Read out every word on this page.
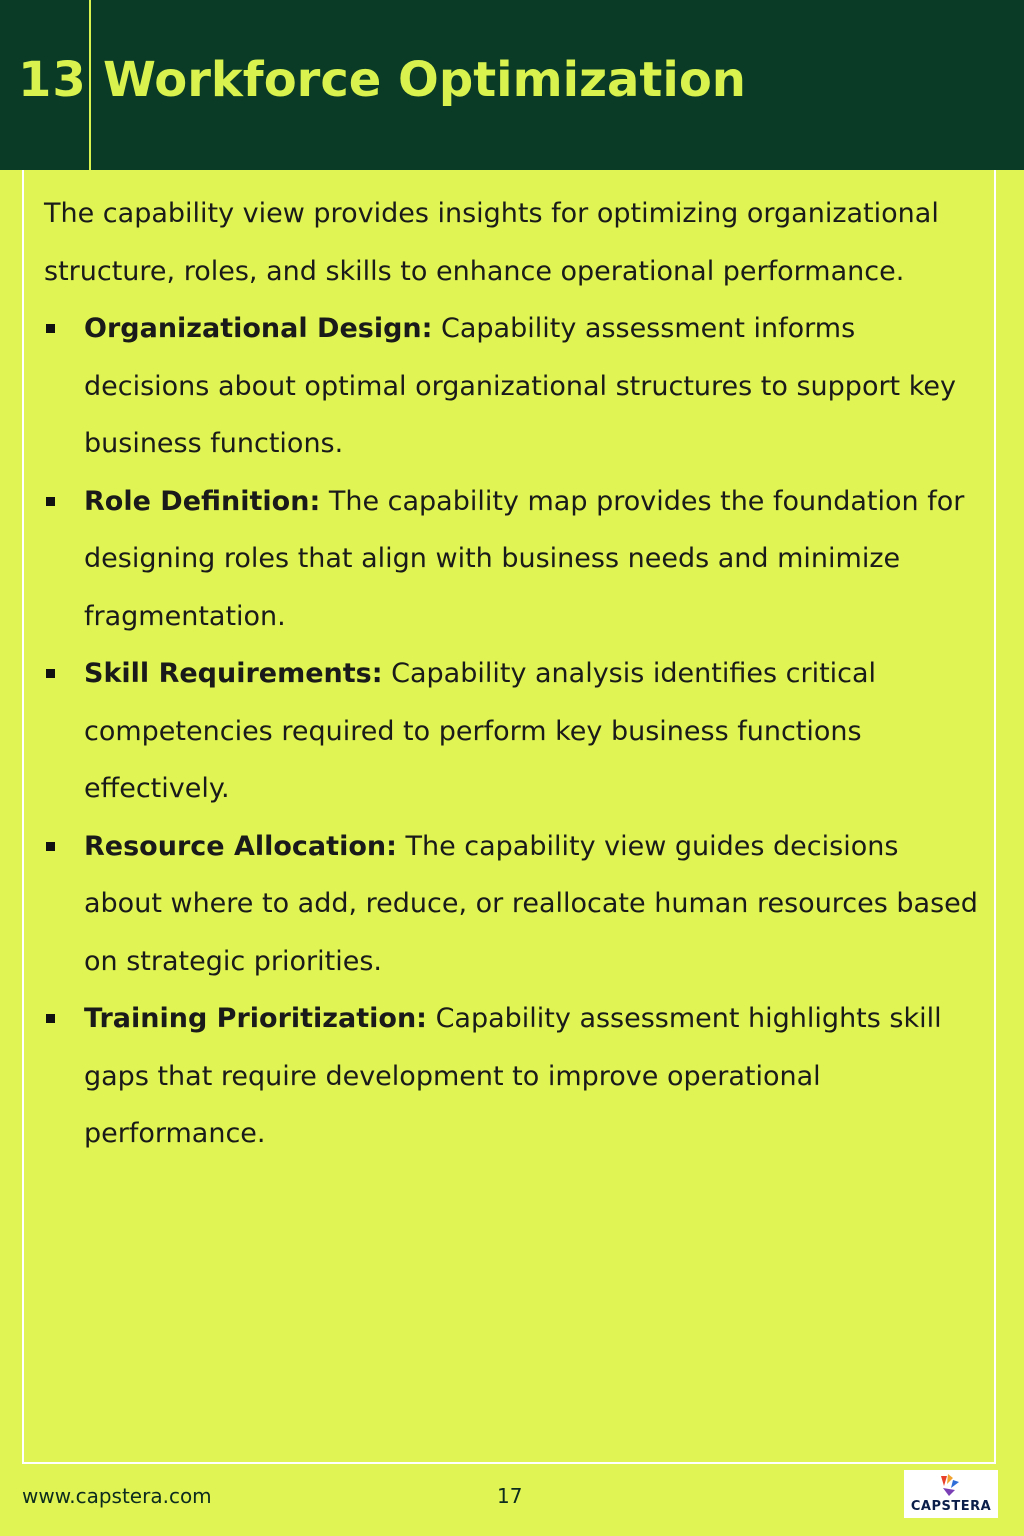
13 Workforce Optimization

The capability view provides insights for optimizing organizational structure, roles, and skills to enhance operational performance.

Organizational Design: Capability assessment informs decisions about optimal organizational structures to support key business functions.
Role Definition: The capability map provides the foundation for designing roles that align with business needs and minimize fragmentation.
Skill Requirements: Capability analysis identifies critical competencies required to perform key business functions effectively.
Resource Allocation: The capability view guides decisions about where to add, reduce, or reallocate human resources based on strategic priorities.
Training Prioritization: Capability assessment highlights skill gaps that require development to improve operational performance.
www.capstera.com	17	CAPSTERA
